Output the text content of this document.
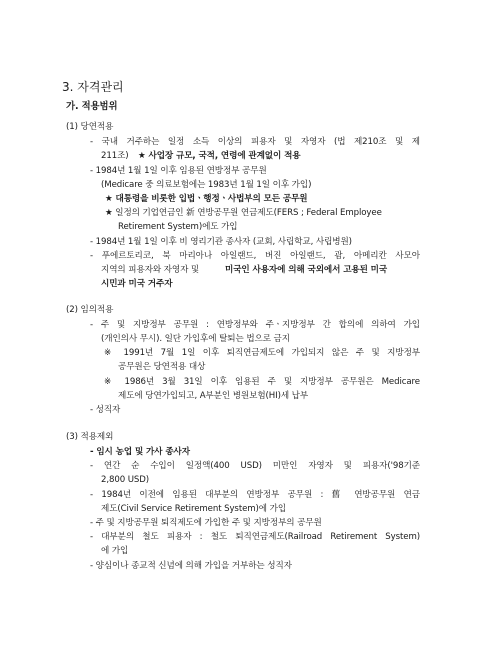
3. 자격관리
가. 적용범위
(1) 당연적용
- 국내 거주하는 일정 소득 이상의 피용자 및 자영자 (법 제210조 및 제
211조) ★ 사업장 규모, 국적, 연령에 관계없이 적용
- 1984년 1월 1일 이후 임용된 연방정부 공무원
(Medicare 중 의료보험에는 1983년 1월 1일 이후 가입)
★ 대통령을 비롯한 입법ㆍ행정ㆍ사법부의 모든 공무원
★ 일정의 기업연금인 新 연방공무원 연금제도(FERS ; Federal Employee
Retirement System)에도 가입
- 1984년 1월 1일 이후 비 영리기관 종사자 (교회, 사립학교, 사립병원)
- 푸에르토리코, 북 마리아나 아일랜드, 버진 아일랜드, 괌, 아메리칸 사모아
지역의 피용자와 자영자 및	미국인 사용자에 의해 국외에서 고용된 미국
시민과 미국 거주자
(2) 임의적용
- 주 및 지방정부 공무원 : 연방정부와 주ㆍ지방정부 간 합의에 의하여 가입
(개인의사 무시). 일단 가입후에 탈퇴는 법으로 금지
※ 1991년 7월 1일 이후 퇴직연금제도에 가입되지 않은 주 및 지방정부
공무원은 당연적용 대상
※ 1986년 3월 31일 이후 임용된 주 및 지방정부 공무원은 Medicare
제도에 당연가입되고, A부분인 병원보험(HI)세 납부
- 성직자
(3) 적용제외
- 임시 농업 및 가사 종사자
- 연간 순 수입이 일정액(400 USD) 미만인 자영자 및 피용자('98기준
2,800 USD)
- 1984년 이전에 임용된 대부분의 연방정부 공무원 : 舊 연방공무원 연금
제도(Civil Service Retirement System)에 가입
- 주 및 지방공무원 퇴직제도에 가입한 주 및 지방정부의 공무원
- 대부분의 철도 피용자 : 철도 퇴직연금제도(Railroad Retirement System)
에 가입
- 양심이나 종교적 신념에 의해 가입을 거부하는 성직자
